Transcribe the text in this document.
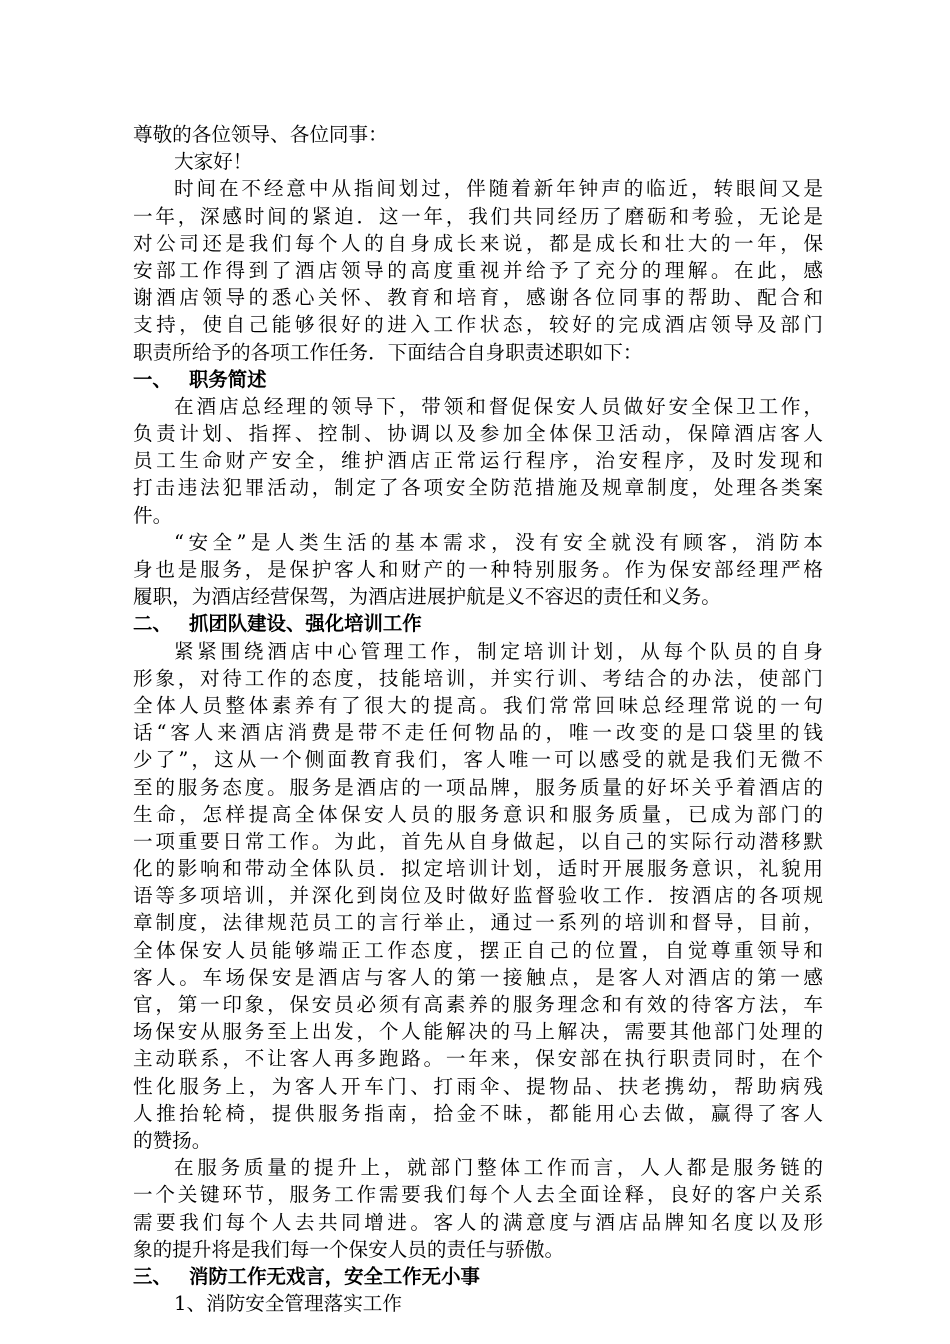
尊敬的各位领导、各位同事：
大家好！
时间在不经意中从指间划过，伴随着新年钟声的临近，转眼间又是
一年，深感时间的紧迫．这一年，我们共同经历了磨砺和考验，无论是
对公司还是我们每个人的自身成长来说，都是成长和壮大的一年，保
安部工作得到了酒店领导的高度重视并给予了充分的理解。在此，感
谢酒店领导的悉心关怀、教育和培育，感谢各位同事的帮助、配合和
支持，使自己能够很好的进入工作状态，较好的完成酒店领导及部门
职责所给予的各项工作任务．下面结合自身职责述职如下：
一、 职务简述
在酒店总经理的领导下，带领和督促保安人员做好安全保卫工作，
负责计划、指挥、控制、协调以及参加全体保卫活动，保障酒店客人
员工生命财产安全，维护酒店正常运行程序，治安程序，及时发现和
打击违法犯罪活动，制定了各项安全防范措施及规章制度，处理各类案
件。
“安全”是人类生活的基本需求，没有安全就没有顾客，消防本
身也是服务，是保护客人和财产的一种特别服务。作为保安部经理严格
履职，为酒店经营保驾，为酒店进展护航是义不容迟的责任和义务。
二、 抓团队建设、强化培训工作
紧紧围绕酒店中心管理工作，制定培训计划，从每个队员的自身
形象，对待工作的态度，技能培训，并实行训、考结合的办法，使部门
全体人员整体素养有了很大的提高。我们常常回味总经理常说的一句
话“客人来酒店消费是带不走任何物品的，唯一改变的是口袋里的钱
少了”，这从一个侧面教育我们，客人唯一可以感受的就是我们无微不
至的服务态度。服务是酒店的一项品牌，服务质量的好坏关乎着酒店的
生命，怎样提高全体保安人员的服务意识和服务质量，已成为部门的
一项重要日常工作。为此，首先从自身做起，以自己的实际行动潜移默
化的影响和带动全体队员．拟定培训计划，适时开展服务意识，礼貌用
语等多项培训，并深化到岗位及时做好监督验收工作．按酒店的各项规
章制度，法律规范员工的言行举止，通过一系列的培训和督导，目前，
全体保安人员能够端正工作态度，摆正自己的位置，自觉尊重领导和
客人。车场保安是酒店与客人的第一接触点，是客人对酒店的第一感
官，第一印象，保安员必须有高素养的服务理念和有效的待客方法，车
场保安从服务至上出发，个人能解决的马上解决，需要其他部门处理的
主动联系，不让客人再多跑路。一年来，保安部在执行职责同时，在个
性化服务上，为客人开车门、打雨伞、提物品、扶老携幼，帮助病残
人推抬轮椅，提供服务指南，拾金不昧，都能用心去做，赢得了客人
的赞扬。
在服务质量的提升上，就部门整体工作而言，人人都是服务链的
一个关键环节，服务工作需要我们每个人去全面诠释，良好的客户关系
需要我们每个人去共同增进。客人的满意度与酒店品牌知名度以及形
象的提升将是我们每一个保安人员的责任与骄傲。
三、 消防工作无戏言，安全工作无小事
1、消防安全管理落实工作
